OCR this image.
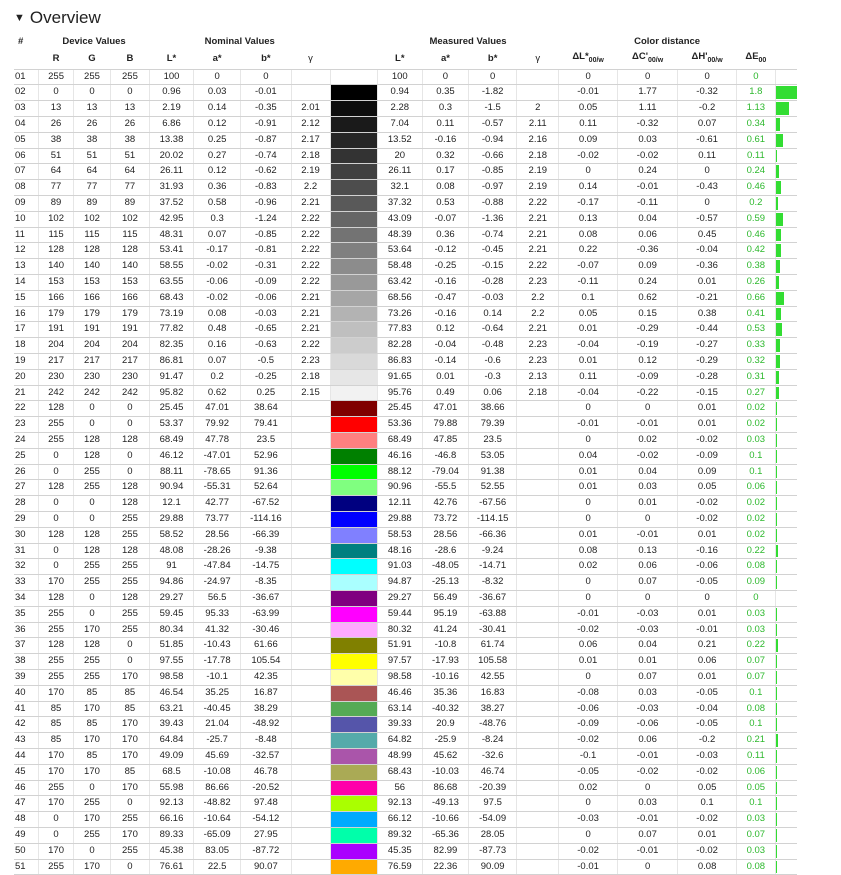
▼ Overview
#	Device Values			Nominal Values					Measured Values				Color distance				
	R	G	B	L*	a*	b*	γ		L*	a*	b*	γ	$\Delta L*_{00/w}$	$\Delta C'_{00/w}$	$\Delta H'_{00/w}$	$\Delta E_{00}$	
01	255	255	255	100	0	0			100	0	0		0	0	0	0	

02	0	0	0	0.96	0.03	-0.01			0.94	0.35	-1.82		-0.01	1.77	-0.32	1.8	

03	13	13	13	2.19	0.14	-0.35	2.01		2.28	0.3	-1.5	2	0.05	1.11	-0.2	1.13	

04	26	26	26	6.86	0.12	-0.91	2.12		7.04	0.11	-0.57	2.11	0.11	-0.32	0.07	0.34	

05	38	38	38	13.38	0.25	-0.87	2.17		13.52	-0.16	-0.94	2.16	0.09	0.03	-0.61	0.61	

06	51	51	51	20.02	0.27	-0.74	2.18		20	0.32	-0.66	2.18	-0.02	-0.02	0.11	0.11	

07	64	64	64	26.11	0.12	-0.62	2.19		26.11	0.17	-0.85	2.19	0	0.24	0	0.24	

08	77	77	77	31.93	0.36	-0.83	2.2		32.1	0.08	-0.97	2.19	0.14	-0.01	-0.43	0.46	

09	89	89	89	37.52	0.58	-0.96	2.21		37.32	0.53	-0.88	2.22	-0.17	-0.11	0	0.2	

10	102	102	102	42.95	0.3	-1.24	2.22		43.09	-0.07	-1.36	2.21	0.13	0.04	-0.57	0.59	

11	115	115	115	48.31	0.07	-0.85	2.22		48.39	0.36	-0.74	2.21	0.08	0.06	0.45	0.46	

12	128	128	128	53.41	-0.17	-0.81	2.22		53.64	-0.12	-0.45	2.21	0.22	-0.36	-0.04	0.42	

13	140	140	140	58.55	-0.02	-0.31	2.22		58.48	-0.25	-0.15	2.22	-0.07	0.09	-0.36	0.38	

14	153	153	153	63.55	-0.06	-0.09	2.22		63.42	-0.16	-0.28	2.23	-0.11	0.24	0.01	0.26	

15	166	166	166	68.43	-0.02	-0.06	2.21		68.56	-0.47	-0.03	2.2	0.1	0.62	-0.21	0.66	

16	179	179	179	73.19	0.08	-0.03	2.21		73.26	-0.16	0.14	2.2	0.05	0.15	0.38	0.41	

17	191	191	191	77.82	0.48	-0.65	2.21		77.83	0.12	-0.64	2.21	0.01	-0.29	-0.44	0.53	

18	204	204	204	82.35	0.16	-0.63	2.22		82.28	-0.04	-0.48	2.23	-0.04	-0.19	-0.27	0.33	

19	217	217	217	86.81	0.07	-0.5	2.23		86.83	-0.14	-0.6	2.23	0.01	0.12	-0.29	0.32	

20	230	230	230	91.47	0.2	-0.25	2.18		91.65	0.01	-0.3	2.13	0.11	-0.09	-0.28	0.31	

21	242	242	242	95.82	0.62	0.25	2.15		95.76	0.49	0.06	2.18	-0.04	-0.22	-0.15	0.27	

22	128	0	0	25.45	47.01	38.64			25.45	47.01	38.66		0	0	0.01	0.02	

23	255	0	0	53.37	79.92	79.41			53.36	79.88	79.39		-0.01	-0.01	0.01	0.02	

24	255	128	128	68.49	47.78	23.5			68.49	47.85	23.5		0	0.02	-0.02	0.03	

25	0	128	0	46.12	-47.01	52.96			46.16	-46.8	53.05		0.04	-0.02	-0.09	0.1	

26	0	255	0	88.11	-78.65	91.36			88.12	-79.04	91.38		0.01	0.04	0.09	0.1	

27	128	255	128	90.94	-55.31	52.64			90.96	-55.5	52.55		0.01	0.03	0.05	0.06	

28	0	0	128	12.1	42.77	-67.52			12.11	42.76	-67.56		0	0.01	-0.02	0.02	

29	0	0	255	29.88	73.77	-114.16			29.88	73.72	-114.15		0	0	-0.02	0.02	

30	128	128	255	58.52	28.56	-66.39			58.53	28.56	-66.36		0.01	-0.01	0.01	0.02	

31	0	128	128	48.08	-28.26	-9.38			48.16	-28.6	-9.24		0.08	0.13	-0.16	0.22	

32	0	255	255	91	-47.84	-14.75			91.03	-48.05	-14.71		0.02	0.06	-0.06	0.08	

33	170	255	255	94.86	-24.97	-8.35			94.87	-25.13	-8.32		0	0.07	-0.05	0.09	

34	128	0	128	29.27	56.5	-36.67			29.27	56.49	-36.67		0	0	0	0	

35	255	0	255	59.45	95.33	-63.99			59.44	95.19	-63.88		-0.01	-0.03	0.01	0.03	

36	255	170	255	80.34	41.32	-30.46			80.32	41.24	-30.41		-0.02	-0.03	-0.01	0.03	

37	128	128	0	51.85	-10.43	61.66			51.91	-10.8	61.74		0.06	0.04	0.21	0.22	

38	255	255	0	97.55	-17.78	105.54			97.57	-17.93	105.58		0.01	0.01	0.06	0.07	

39	255	255	170	98.58	-10.1	42.35			98.58	-10.16	42.55		0	0.07	0.01	0.07	

40	170	85	85	46.54	35.25	16.87			46.46	35.36	16.83		-0.08	0.03	-0.05	0.1	

41	85	170	85	63.21	-40.45	38.29			63.14	-40.32	38.27		-0.06	-0.03	-0.04	0.08	

42	85	85	170	39.43	21.04	-48.92			39.33	20.9	-48.76		-0.09	-0.06	-0.05	0.1	

43	85	170	170	64.84	-25.7	-8.48			64.82	-25.9	-8.24		-0.02	0.06	-0.2	0.21	

44	170	85	170	49.09	45.69	-32.57			48.99	45.62	-32.6		-0.1	-0.01	-0.03	0.11	

45	170	170	85	68.5	-10.08	46.78			68.43	-10.03	46.74		-0.05	-0.02	-0.02	0.06	

46	255	0	170	55.98	86.66	-20.52			56	86.68	-20.39		0.02	0	0.05	0.05	

47	170	255	0	92.13	-48.82	97.48			92.13	-49.13	97.5		0	0.03	0.1	0.1	

48	0	170	255	66.16	-10.64	-54.12			66.12	-10.66	-54.09		-0.03	-0.01	-0.02	0.03	

49	0	255	170	89.33	-65.09	27.95			89.32	-65.36	28.05		0	0.07	0.01	0.07	

50	170	0	255	45.38	83.05	-87.72			45.35	82.99	-87.73		-0.02	-0.01	-0.02	0.03	

51	255	170	0	76.61	22.5	90.07			76.59	22.36	90.09		-0.01	0	0.08	0.08	
